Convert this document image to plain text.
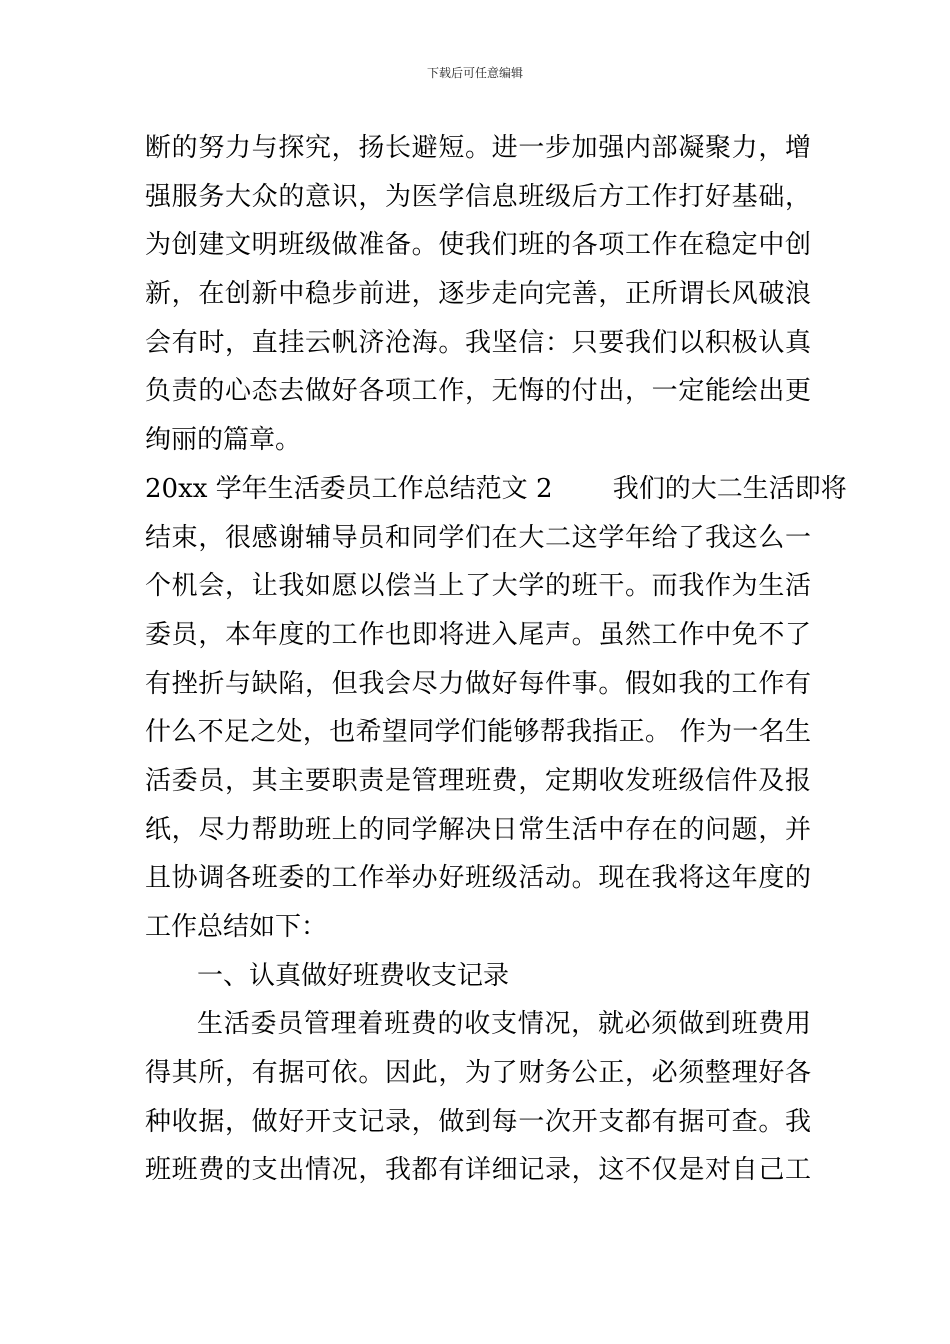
下载后可任意编辑
断的努力与探究，扬长避短。进一步加强内部凝聚力，增
强服务大众的意识，为医学信息班级后方工作打好基础，
为创建文明班级做准备。使我们班的各项工作在稳定中创
新，在创新中稳步前进，逐步走向完善，正所谓长风破浪
会有时，直挂云帆济沧海。我坚信：只要我们以积极认真
负责的心态去做好各项工作，无悔的付出，一定能绘出更
绚丽的篇章。
20xx 学年生活委员工作总结范文 2　　 我们的大二生活即将
结束，很感谢辅导员和同学们在大二这学年给了我这么一
个机会，让我如愿以偿当上了大学的班干。而我作为生活
委员，本年度的工作也即将进入尾声。虽然工作中免不了
有挫折与缺陷，但我会尽力做好每件事。假如我的工作有
什么不足之处，也希望同学们能够帮我指正。 作为一名生
活委员，其主要职责是管理班费，定期收发班级信件及报
纸，尽力帮助班上的同学解决日常生活中存在的问题，并
且协调各班委的工作举办好班级活动。现在我将这年度的
工作总结如下：
一、认真做好班费收支记录
生活委员管理着班费的收支情况，就必须做到班费用
得其所，有据可依。因此，为了财务公正，必须整理好各
种收据，做好开支记录，做到每一次开支都有据可查。我
班班费的支出情况，我都有详细记录，这不仅是对自己工
